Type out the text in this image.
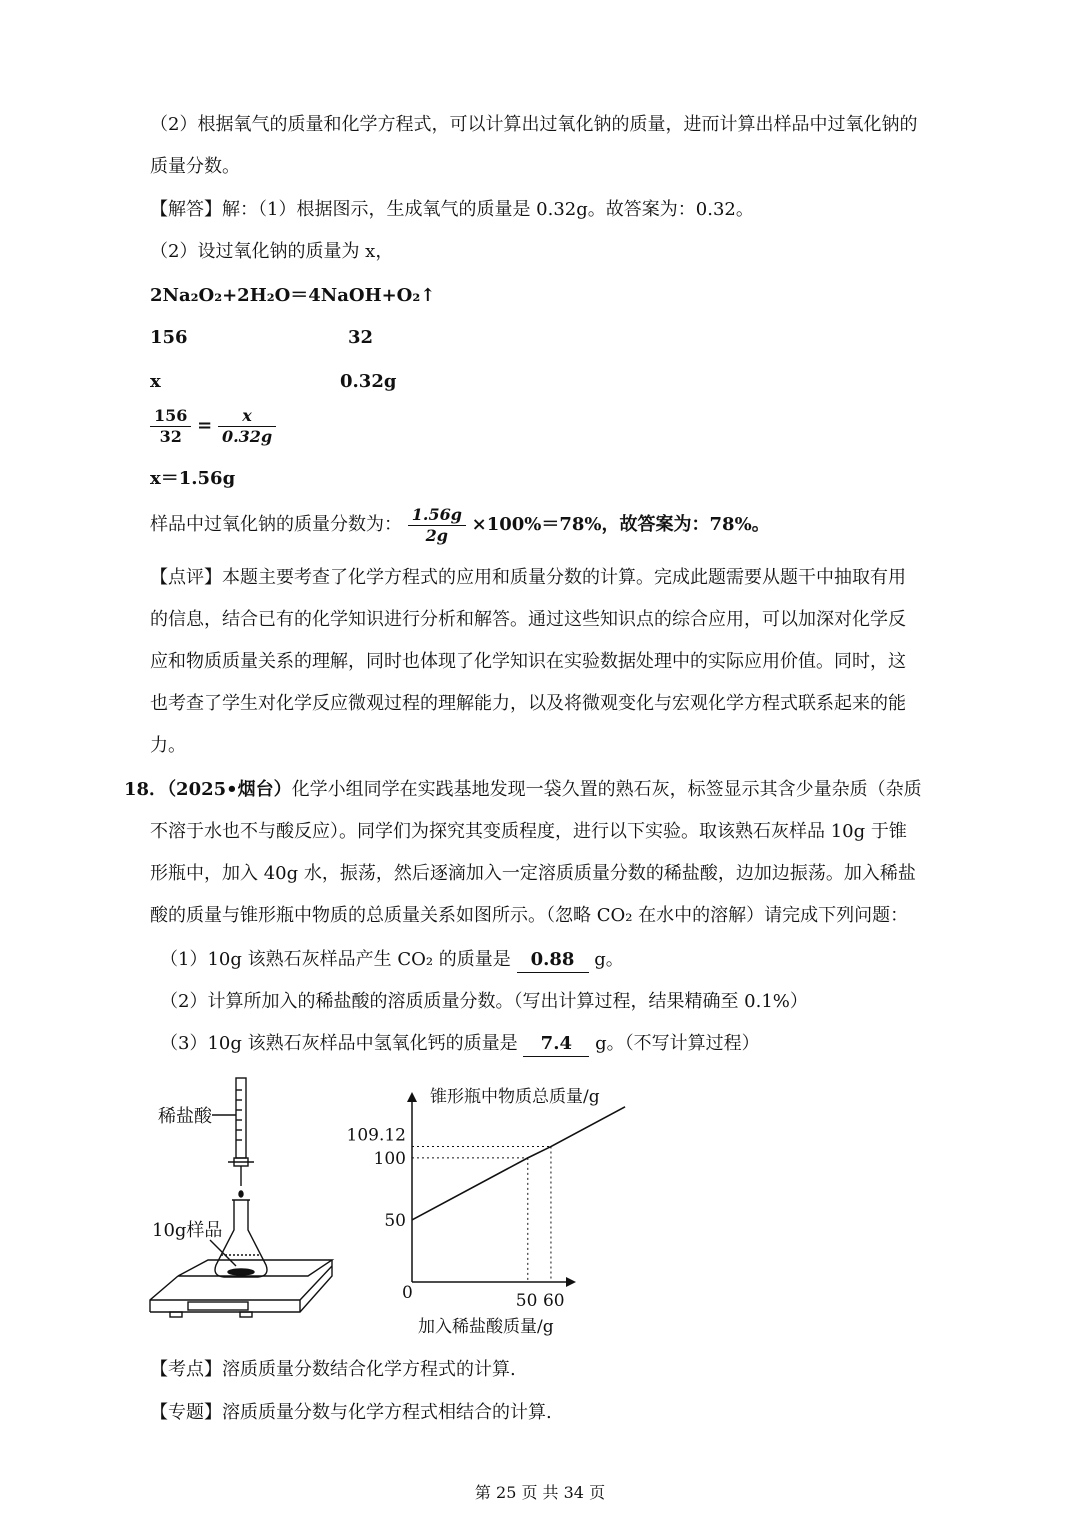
（2）根据氧气的质量和化学方程式，可以计算出过氧化钠的质量，进而计算出样品中过氧化钠的
质量分数。
【解答】解：（1）根据图示，生成氧气的质量是 0.32g。故答案为：0.32。
（2）设过氧化钠的质量为 x，
2Na₂O₂+2H₂O＝4NaOH+O₂↑
156	32
x	0.32g
$\frac{156}{32} = \frac{x}{0.32g}$
x＝1.56g
样品中过氧化钠的质量分数为： $\frac{1.56g}{2g} \times 100\%=78\%$，故答案为：78%。
【点评】本题主要考查了化学方程式的应用和质量分数的计算。完成此题需要从题干中抽取有用
的信息，结合已有的化学知识进行分析和解答。通过这些知识点的综合应用，可以加深对化学反
应和物质质量关系的理解，同时也体现了化学知识在实验数据处理中的实际应用价值。同时，这
也考查了学生对化学反应微观过程的理解能力，以及将微观变化与宏观化学方程式联系起来的能
力。
18．（2025•烟台）化学小组同学在实践基地发现一袋久置的熟石灰，标签显示其含少量杂质（杂质
不溶于水也不与酸反应）。同学们为探究其变质程度，进行以下实验。取该熟石灰样品 10g 于锥
形瓶中，加入 40g 水，振荡，然后逐滴加入一定溶质质量分数的稀盐酸，边加边振荡。加入稀盐
酸的质量与锥形瓶中物质的总质量关系如图所示。（忽略 CO₂ 在水中的溶解）请完成下列问题：
（1）10g 该熟石灰样品产生 CO₂ 的质量是 0.88 g。
（2）计算所加入的稀盐酸的溶质质量分数。（写出计算过程，结果精确至 0.1%）
（3）10g 该熟石灰样品中氢氧化钙的质量是 7.4 g。（不写计算过程）
稀盐酸
10g样品
锥形瓶中物质总质量/g
加入稀盐酸质量/g
0	50 60
50
100
109.12
【考点】溶质质量分数结合化学方程式的计算.
【专题】溶质质量分数与化学方程式相结合的计算.
第 25 页 共 34 页
